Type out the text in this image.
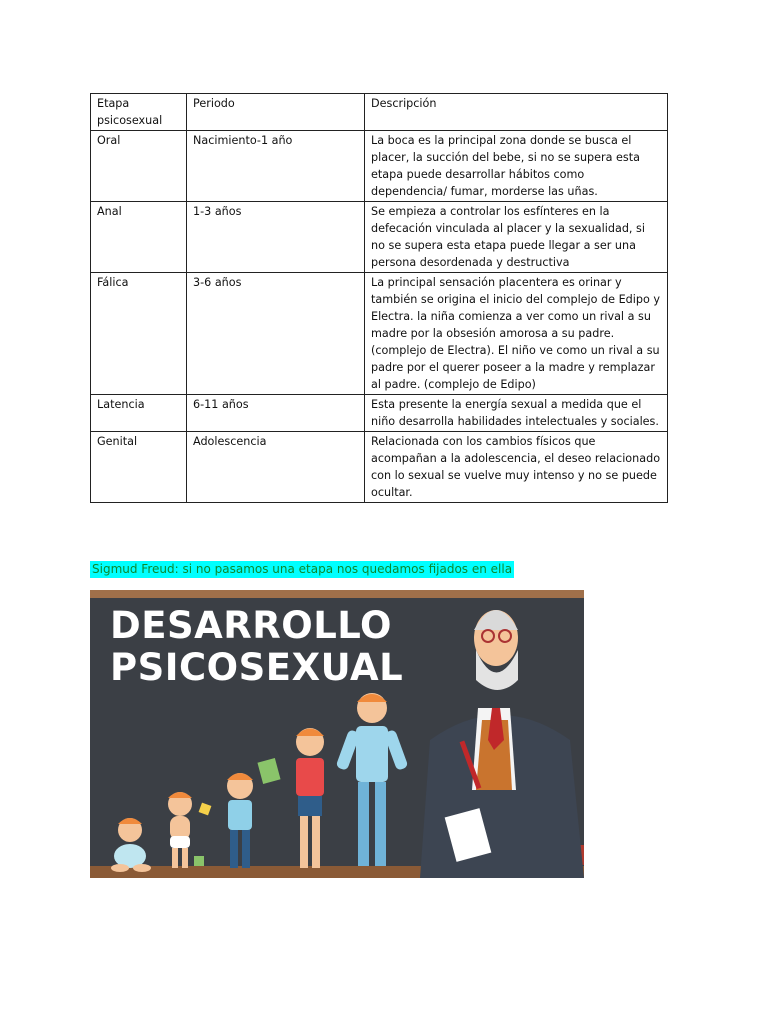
Etapa psicosexual	Periodo	Descripción
Oral	Nacimiento-1 año	La boca es la principal zona donde se busca el placer, la succión del bebe, si no se supera esta etapa puede desarrollar hábitos como dependencia/ fumar, morderse las uñas.
Anal	1-3 años	Se empieza a controlar los esfínteres en la defecación vinculada al placer y la sexualidad, si no se supera esta etapa puede llegar a ser una persona desordenada y destructiva
Fálica	3-6 años	La principal sensación placentera es orinar y también se origina el inicio del complejo de Edipo y Electra. la niña comienza a ver como un rival a su madre por la obsesión amorosa a su padre. (complejo de Electra). El niño ve como un rival a su padre por el querer poseer a la madre y remplazar al padre. (complejo de Edipo)
Latencia	6-11 años	Esta presente la energía sexual a medida que el niño desarrolla habilidades intelectuales y sociales.
Genital	Adolescencia	Relacionada con los cambios físicos que acompañan a la adolescencia, el deseo relacionado con lo sexual se vuelve muy intenso y no se puede ocultar.
Sigmud Freud: si no pasamos una etapa nos quedamos fijados en ella
DESARROLLO
PSICOSEXUAL
